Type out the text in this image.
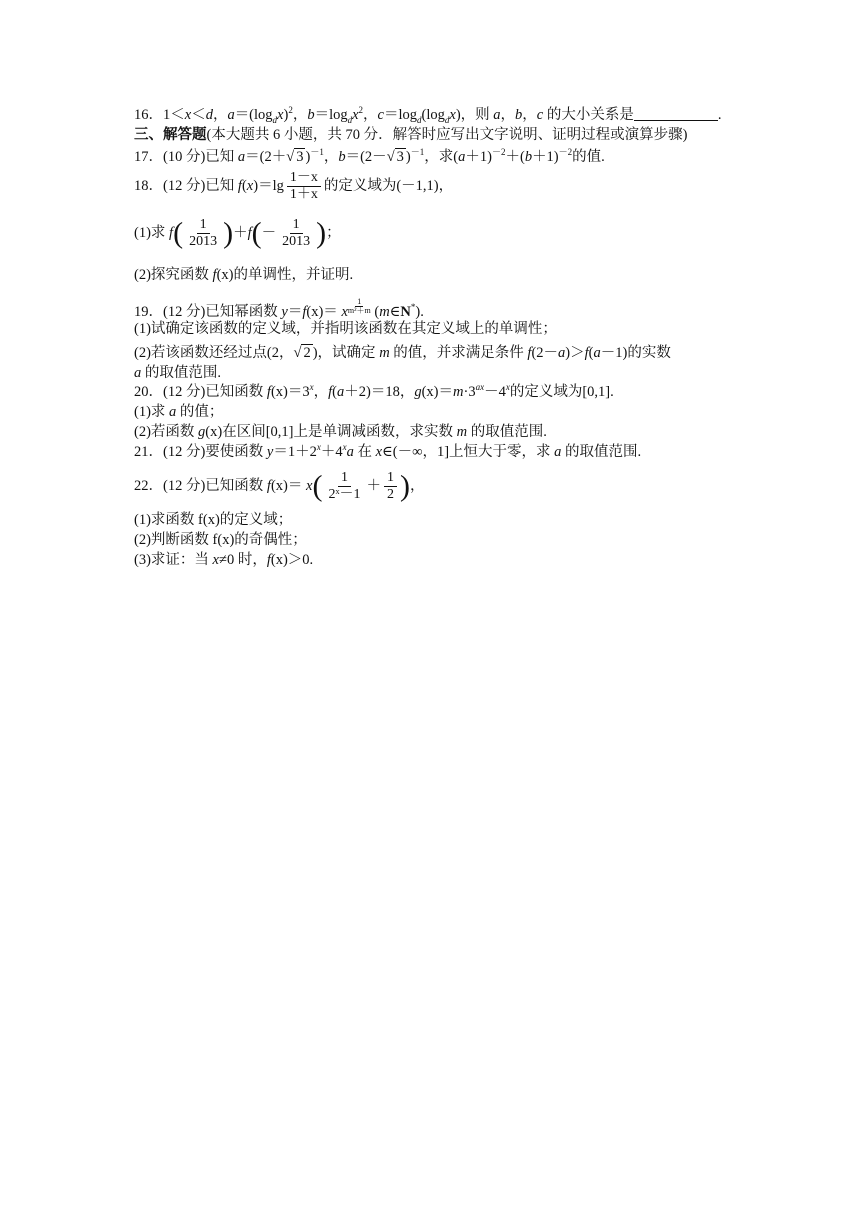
16．1＜x＜d，$a=(\log_dx)^2$，$b=\log_dx^2$，$c=\log_d(\log_dx)$，则 a，b，c 的大小关系是	.
三、解答题(本大题共 6 小题，共 70 分．解答时应写出文字说明、证明过程或演算步骤)
17．(10 分)已知 a＝(2＋√ 3 )$^{-1}$，b＝(2－√ 3 )$^{-1}$，求$(a+1)^{-2}+(b+1)^{-2}$的值.
18．(12 分)已知 $f(x)=\lg \frac{1-x}{1+x}$ 的定义域为(－1,1)，
(1)求 $f( \frac{1}{2013} )+f(- \frac{1}{2013}$ )；
(2)探究函数 f(x)的单调性，并证明.
19．(12 分)已知幂函数 y＝f(x)＝ x $\frac{1}{\text{m²＋m}}$ (m∈N*).
(1)试确定该函数的定义域，并指明该函数在其定义域上的单调性；
(2)若该函数还经过点(2，√ 2 )，试确定 m 的值，并求满足条件 f(2－a)＞f(a－1)的实数
a 的取值范围.
20．(12 分)已知函数 $f(x)=3^x$，f(a＋2)＝18，$g(x)=m\cdot 3^{ax}-4^x$的定义域为[0,1].
(1)求 a 的值；
(2)若函数 g(x)在区间[0,1]上是单调减函数，求实数 m 的取值范围.
21．(12 分)要使函数 $y=1+2^x+4^xa$ 在 x∈(－∞，1]上恒大于零，求 a 的取值范围.
22．(12 分)已知函数 $f(x)= x( \frac{1}{\text{2ˣ－1}} + \frac{1}{2}$ )，
(1)求函数 f(x)的定义域；
(2)判断函数 f(x)的奇偶性；
(3)求证：当 x≠0 时，f(x)＞0.
